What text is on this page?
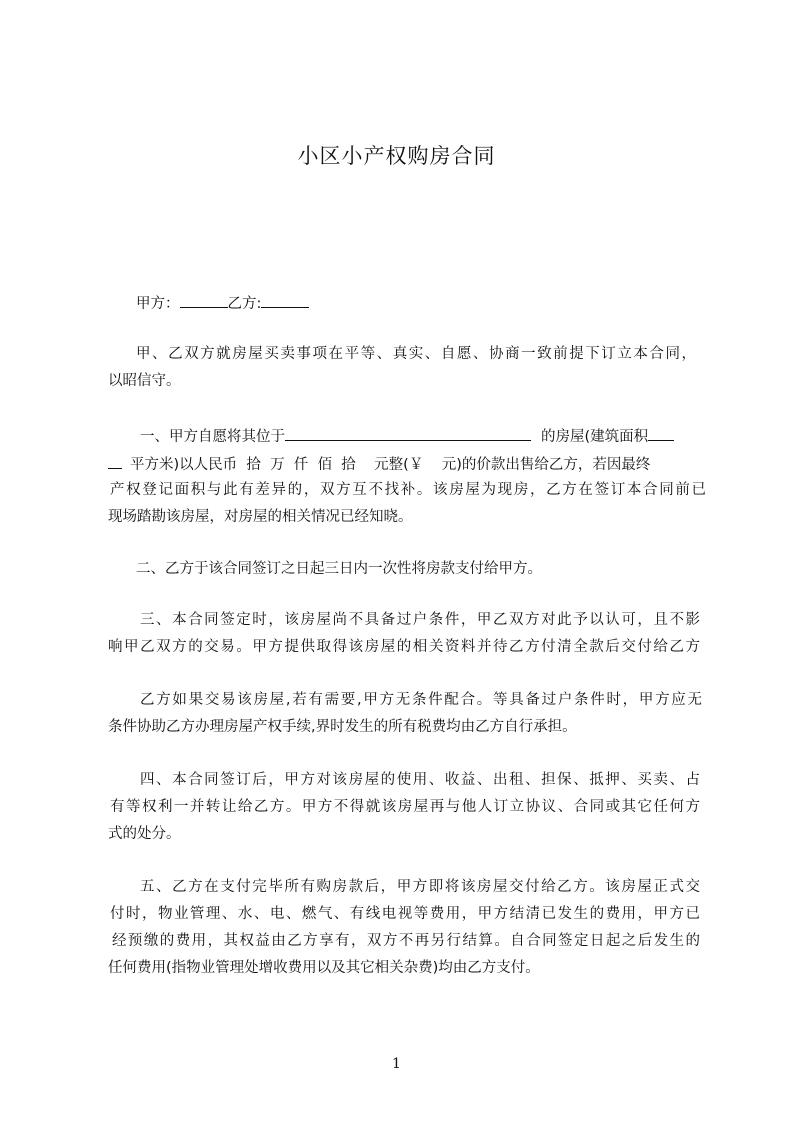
小区小产权购房合同
甲方：	乙方:
甲、乙双方就房屋买卖事项在平等、真实、自愿、协商一致前提下订立本合同，
以昭信守。
一、甲方自愿将其位于	的房屋(建筑面积
平方米)以人民币  拾  万  仟  佰  拾    元整(￥    元)的价款出售给乙方，若因最终
产权登记面积与此有差异的，双方互不找补。该房屋为现房，乙方在签订本合同前已
现场踏勘该房屋，对房屋的相关情况已经知晓。
二、乙方于该合同签订之日起三日内一次性将房款支付给甲方。
三、本合同签定时，该房屋尚不具备过户条件，甲乙双方对此予以认可，且不影
响甲乙双方的交易。甲方提供取得该房屋的相关资料并待乙方付清全款后交付给乙方
乙方如果交易该房屋,若有需要,甲方无条件配合。等具备过户条件时，甲方应无
条件协助乙方办理房屋产权手续,界时发生的所有税费均由乙方自行承担。
四、本合同签订后，甲方对该房屋的使用、收益、出租、担保、抵押、买卖、占
有等权利一并转让给乙方。甲方不得就该房屋再与他人订立协议、合同或其它任何方
式的处分。
五、乙方在支付完毕所有购房款后，甲方即将该房屋交付给乙方。该房屋正式交
付时，物业管理、水、电、燃气、有线电视等费用，甲方结清已发生的费用，甲方已
经预缴的费用，其权益由乙方享有，双方不再另行结算。自合同签定日起之后发生的
任何费用(指物业管理处增收费用以及其它相关杂费)均由乙方支付。
1
